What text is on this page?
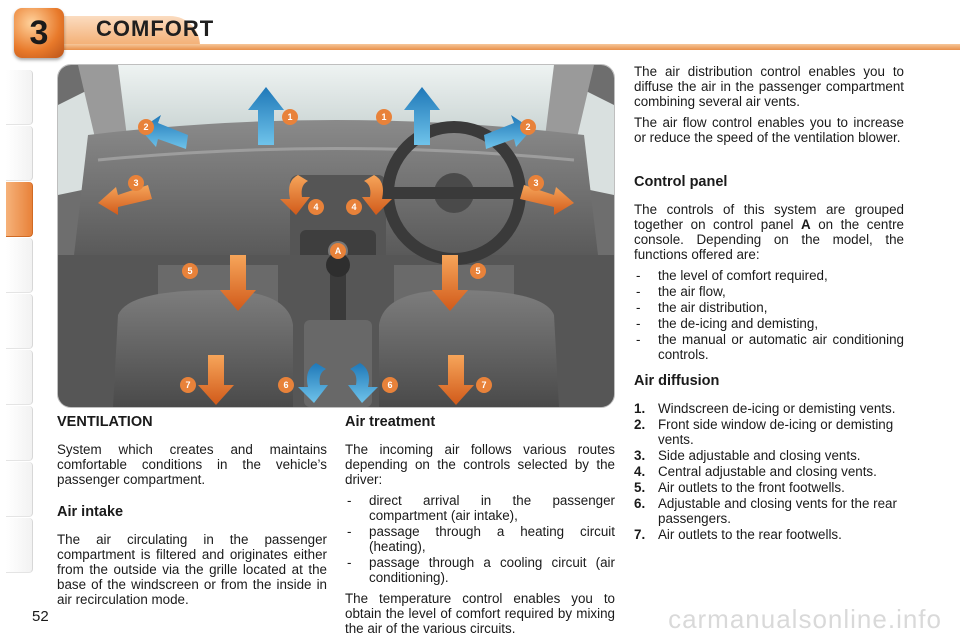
3	COMFORT
1	1
2	2
3	3
4	4
5	5
6	6
7	7
A
VENTILATION

System which creates and maintains comfortable conditions in the vehicle’s passenger compartment.

Air intake

The air circulating in the passenger compartment is filtered and originates either from the outside via the grille located at the base of the windscreen or from the inside in air recirculation mode.

Air treatment

The incoming air follows various routes depending on the controls selected by the driver:

- direct arrival in the passenger compartment (air intake),
- passage through a heating circuit (heating),
- passage through a cooling circuit (air conditioning).

The temperature control enables you to obtain the level of comfort required by mixing the air of the various circuits.

The air distribution control enables you to diffuse the air in the passenger compartment combining several air vents.

The air flow control enables you to increase or reduce the speed of the ventilation blower.

Control panel

The controls of this system are grouped together on control panel A on the centre console. Depending on the model, the functions offered are:

- the level of comfort required,
- the air flow,
- the air distribution,
- the de-icing and demisting,
- the manual or automatic air conditioning controls.
Air diffusion
1. Windscreen de-icing or demisting vents.
2. Front side window de-icing or demisting vents.
3. Side adjustable and closing vents.
4. Central adjustable and closing vents.
5. Air outlets to the front footwells.
6. Adjustable and closing vents for the rear passengers.
7. Air outlets to the rear footwells.
52	carmanualsonline.info
